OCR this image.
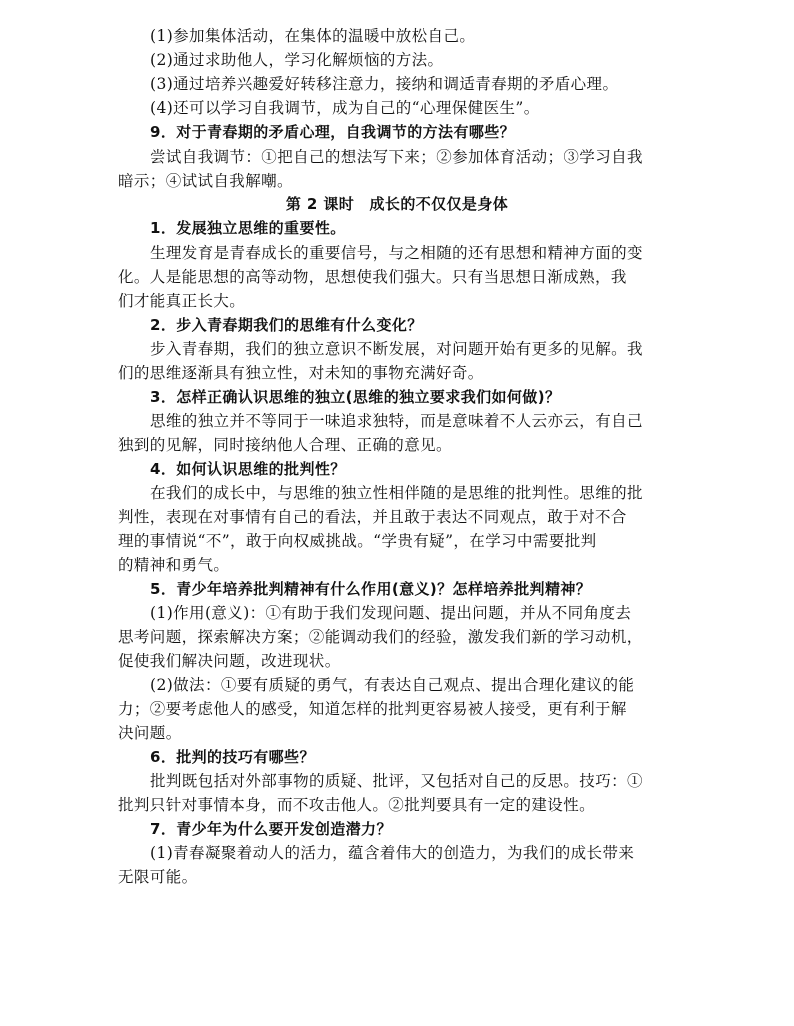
(1)参加集体活动，在集体的温暖中放松自己。
(2)通过求助他人，学习化解烦恼的方法。
(3)通过培养兴趣爱好转移注意力，接纳和调适青春期的矛盾心理。
(4)还可以学习自我调节，成为自己的“心理保健医生”。
9．对于青春期的矛盾心理，自我调节的方法有哪些？
尝试自我调节：①把自己的想法写下来；②参加体育活动；③学习自我
暗示；④试试自我解嘲。
第 2 课时　成长的不仅仅是身体
1．发展独立思维的重要性。
生理发育是青春成长的重要信号，与之相随的还有思想和精神方面的变
化。人是能思想的高等动物，思想使我们强大。只有当思想日渐成熟，我
们才能真正长大。
2．步入青春期我们的思维有什么变化？
步入青春期，我们的独立意识不断发展，对问题开始有更多的见解。我
们的思维逐渐具有独立性，对未知的事物充满好奇。
3．怎样正确认识思维的独立(思维的独立要求我们如何做)？
思维的独立并不等同于一味追求独特，而是意味着不人云亦云，有自己
独到的见解，同时接纳他人合理、正确的意见。
4．如何认识思维的批判性？
在我们的成长中，与思维的独立性相伴随的是思维的批判性。思维的批
判性，表现在对事情有自己的看法，并且敢于表达不同观点，敢于对不合
理的事情说“不”，敢于向权威挑战。“学贵有疑”，在学习中需要批判
的精神和勇气。
5．青少年培养批判精神有什么作用(意义)？怎样培养批判精神？
(1)作用(意义)：①有助于我们发现问题、提出问题，并从不同角度去
思考问题，探索解决方案；②能调动我们的经验，激发我们新的学习动机，
促使我们解决问题，改进现状。
(2)做法：①要有质疑的勇气，有表达自己观点、提出合理化建议的能
力；②要考虑他人的感受，知道怎样的批判更容易被人接受，更有利于解
决问题。
6．批判的技巧有哪些？
批判既包括对外部事物的质疑、批评，又包括对自己的反思。技巧：①
批判只针对事情本身，而不攻击他人。②批判要具有一定的建设性。
7．青少年为什么要开发创造潜力？
(1)青春凝聚着动人的活力，蕴含着伟大的创造力，为我们的成长带来
无限可能。
